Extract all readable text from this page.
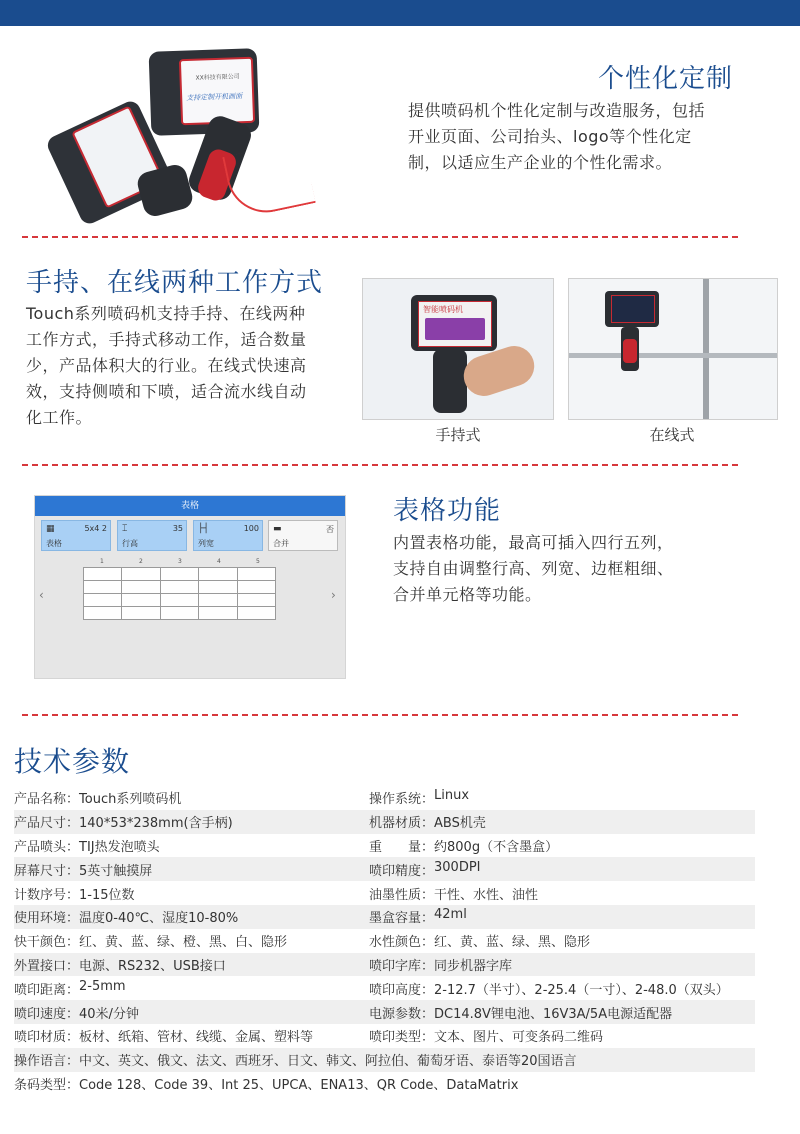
XX科技有限公司
支持定制开机画面
个性化定制
提供喷码机个性化定制与改造服务，包括
开业页面、公司抬头、logo等个性化定
制，以适应生产企业的个性化需求。
手持、在线两种工作方式
Touch系列喷码机支持手持、在线两种
工作方式，手持式移动工作，适合数量
少，产品体积大的行业。在线式快速高
效，支持侧喷和下喷，适合流水线自动
化工作。
智能喷码机
手持式	在线式
表格
▦	5x4 2
表格
⌶	35
行高
├┤	100
列宽
▬	否
合并
1	2	3	4	5

‹	›
表格功能
内置表格功能，最高可插入四行五列，
支持自由调整行高、列宽、边框粗细、
合并单元格等功能。
技术参数
产品名称： Touch系列喷码机	操作系统： Linux
产品尺寸： 140*53*238mm(含手柄)	机器材质： ABS机壳
产品喷头： TIJ热发泡喷头	重　　量： 约800g（不含墨盒）
屏幕尺寸： 5英寸触摸屏	喷印精度： 300DPI
计数序号： 1-15位数	油墨性质： 干性、水性、油性
使用环境： 温度0-40℃、湿度10-80%	墨盒容量： 42ml
快干颜色： 红、黄、蓝、绿、橙、黑、白、隐形	水性颜色： 红、黄、蓝、绿、黑、隐形
外置接口： 电源、RS232、USB接口	喷印字库： 同步机器字库
喷印距离： 2-5mm	喷印高度： 2-12.7（半寸）、2-25.4（一寸）、2-48.0（双头）
喷印速度： 40米/分钟	电源参数： DC14.8V锂电池、16V3A/5A电源适配器
喷印材质： 板材、纸箱、管材、线缆、金属、塑料等	喷印类型： 文本、图片、可变条码二维码
操作语言： 中文、英文、俄文、法文、西班牙、日文、韩文、阿拉伯、葡萄牙语、泰语等20国语言
条码类型： Code 128、Code 39、Int 25、UPCA、ENA13、QR Code、DataMatrix
